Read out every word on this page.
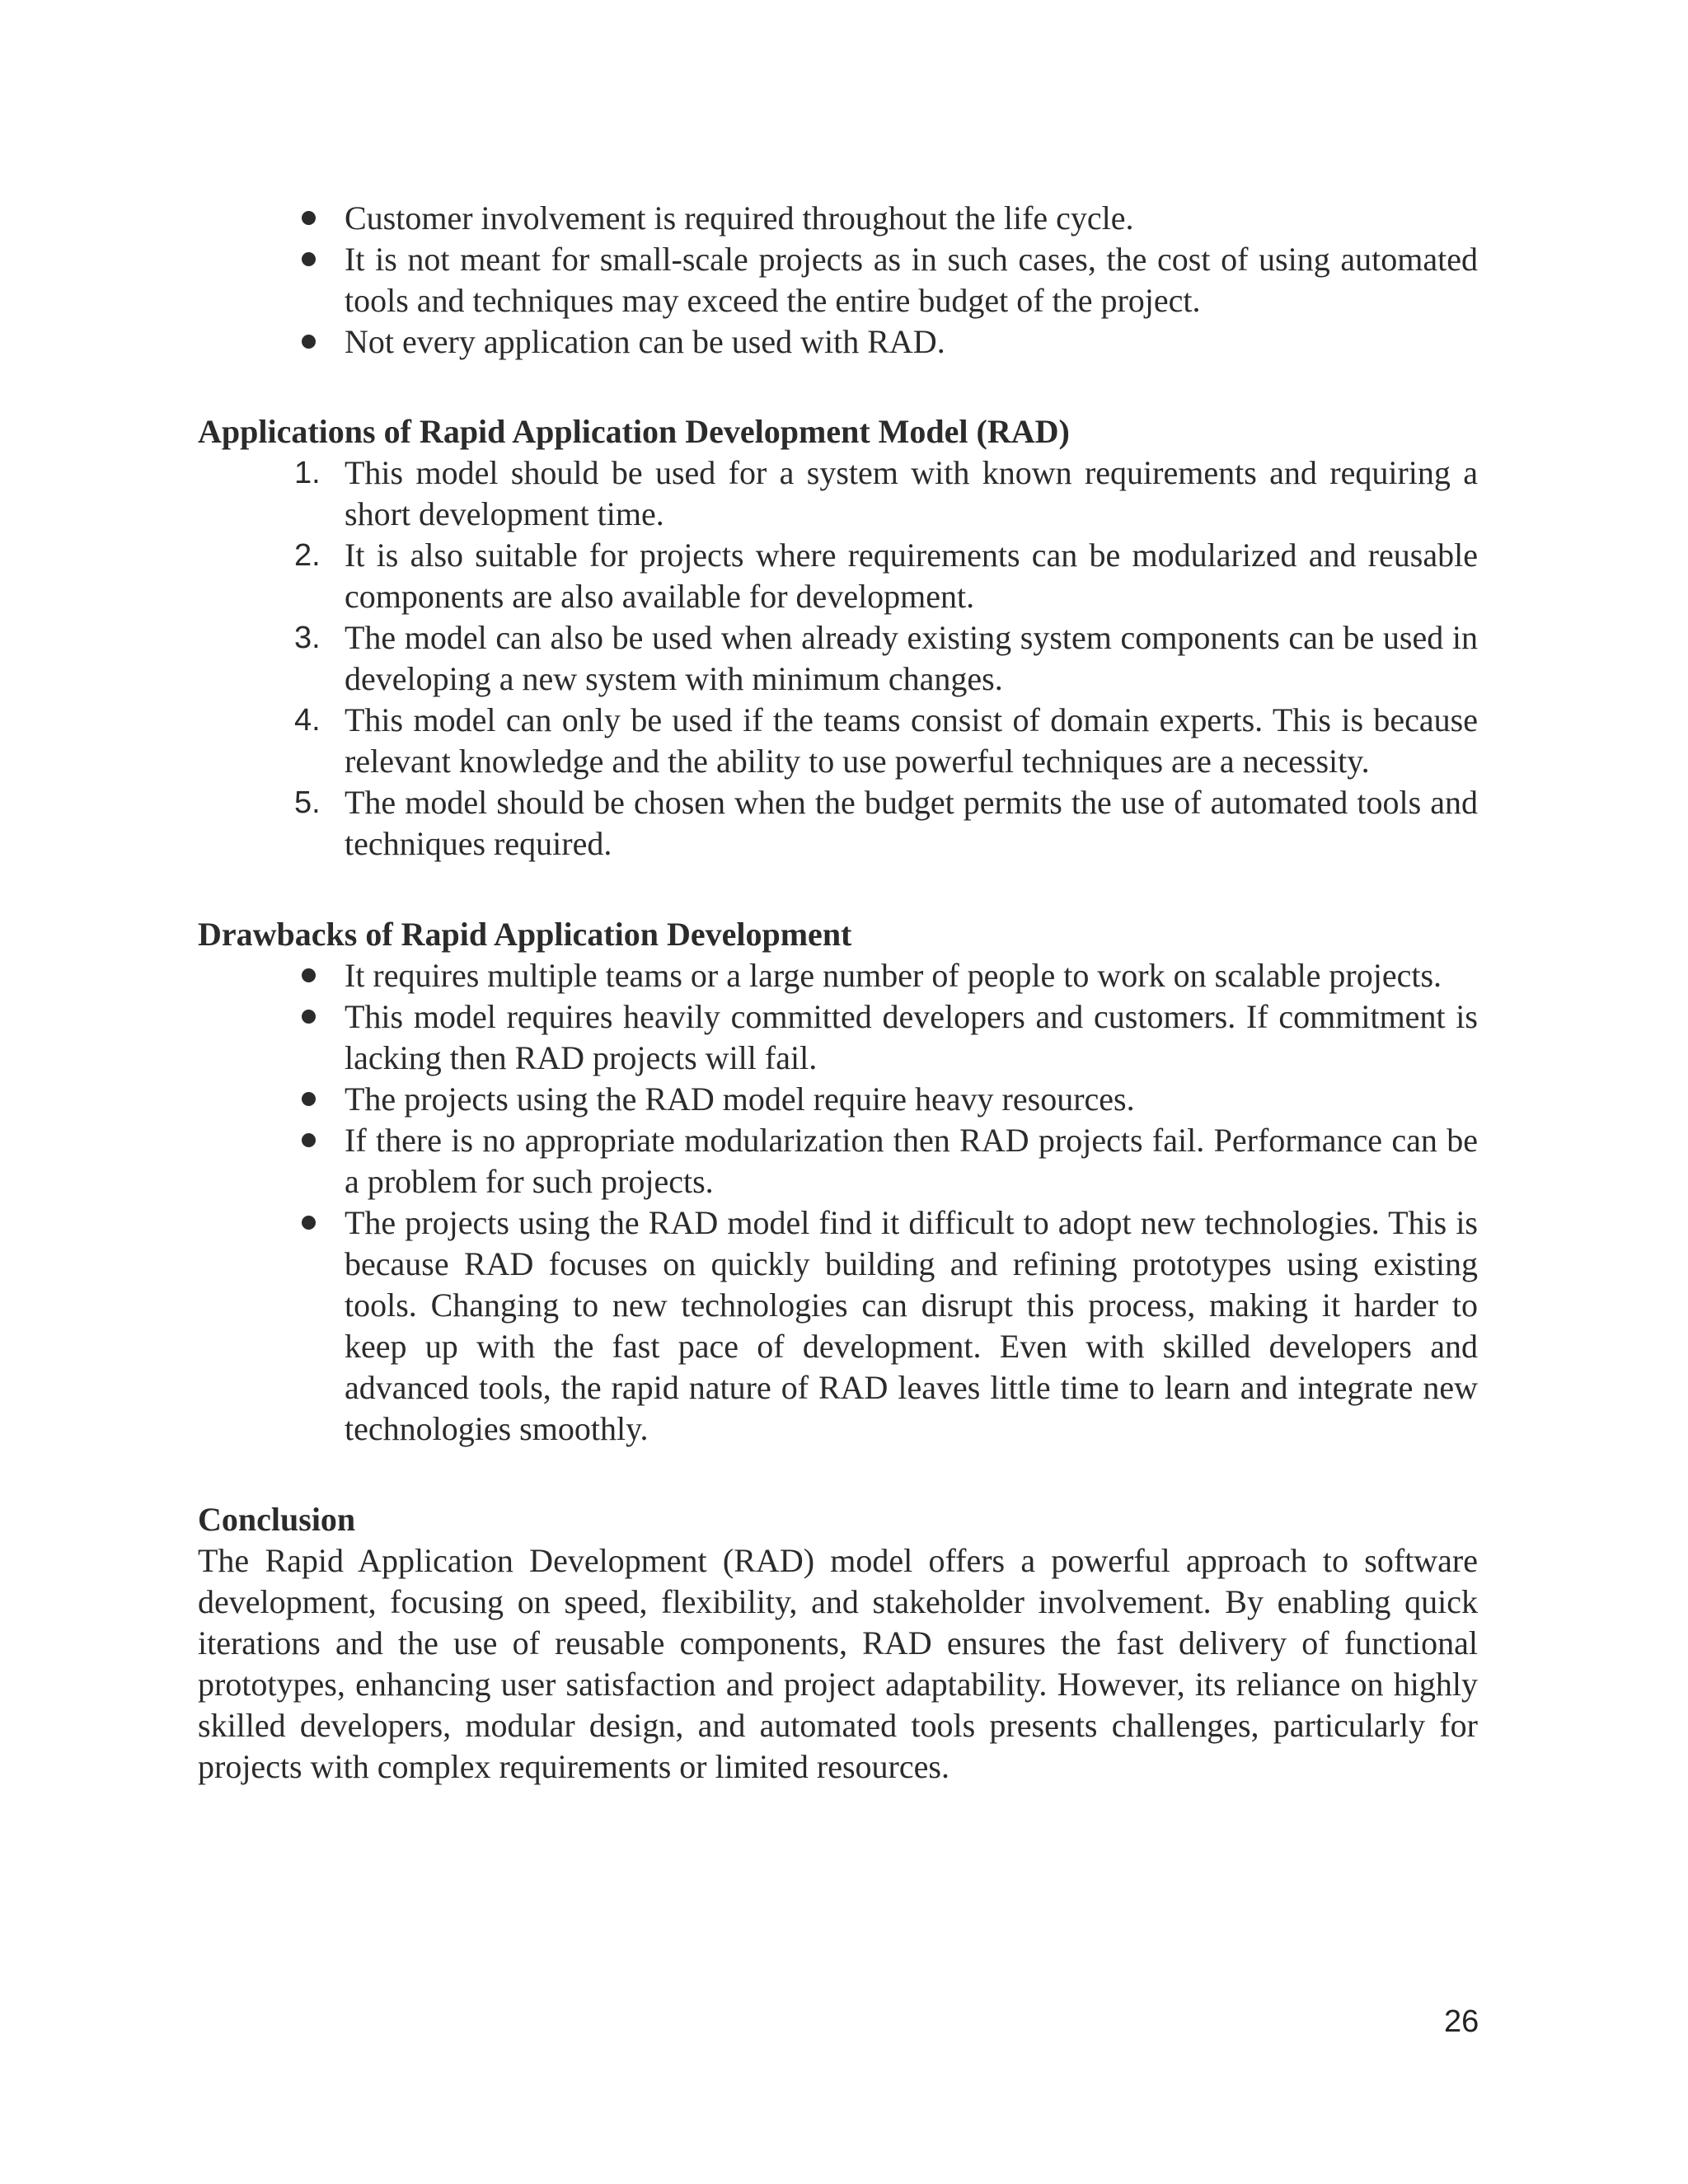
Customer involvement is required throughout the life cycle.
It is not meant for small-scale projects as in such cases, the cost of using automated tools and techniques may exceed the entire budget of the project.
Not every application can be used with RAD.
Applications of Rapid Application Development Model (RAD)
1. This model should be used for a system with known requirements and requiring a short development time.
2. It is also suitable for projects where requirements can be modularized and reusable components are also available for development.
3. The model can also be used when already existing system components can be used in developing a new system with minimum changes.
4. This model can only be used if the teams consist of domain experts. This is because relevant knowledge and the ability to use powerful techniques are a necessity.
5. The model should be chosen when the budget permits the use of automated tools and techniques required.
Drawbacks of Rapid Application Development
It requires multiple teams or a large number of people to work on scalable projects.
This model requires heavily committed developers and customers. If commitment is lacking then RAD projects will fail.
The projects using the RAD model require heavy resources.
If there is no appropriate modularization then RAD projects fail. Performance can be a problem for such projects.
The projects using the RAD model find it difficult to adopt new technologies. This is because RAD focuses on quickly building and refining prototypes using existing tools. Changing to new technologies can disrupt this process, making it harder to keep up with the fast pace of development. Even with skilled developers and advanced tools, the rapid nature of RAD leaves little time to learn and integrate new technologies smoothly.
Conclusion

The Rapid Application Development (RAD) model offers a powerful approach to software development, focusing on speed, flexibility, and stakeholder involvement. By enabling quick iterations and the use of reusable components, RAD ensures the fast delivery of functional prototypes, enhancing user satisfaction and project adaptability. However, its reliance on highly skilled developers, modular design, and automated tools presents challenges, particularly for projects with complex requirements or limited resources.

26
